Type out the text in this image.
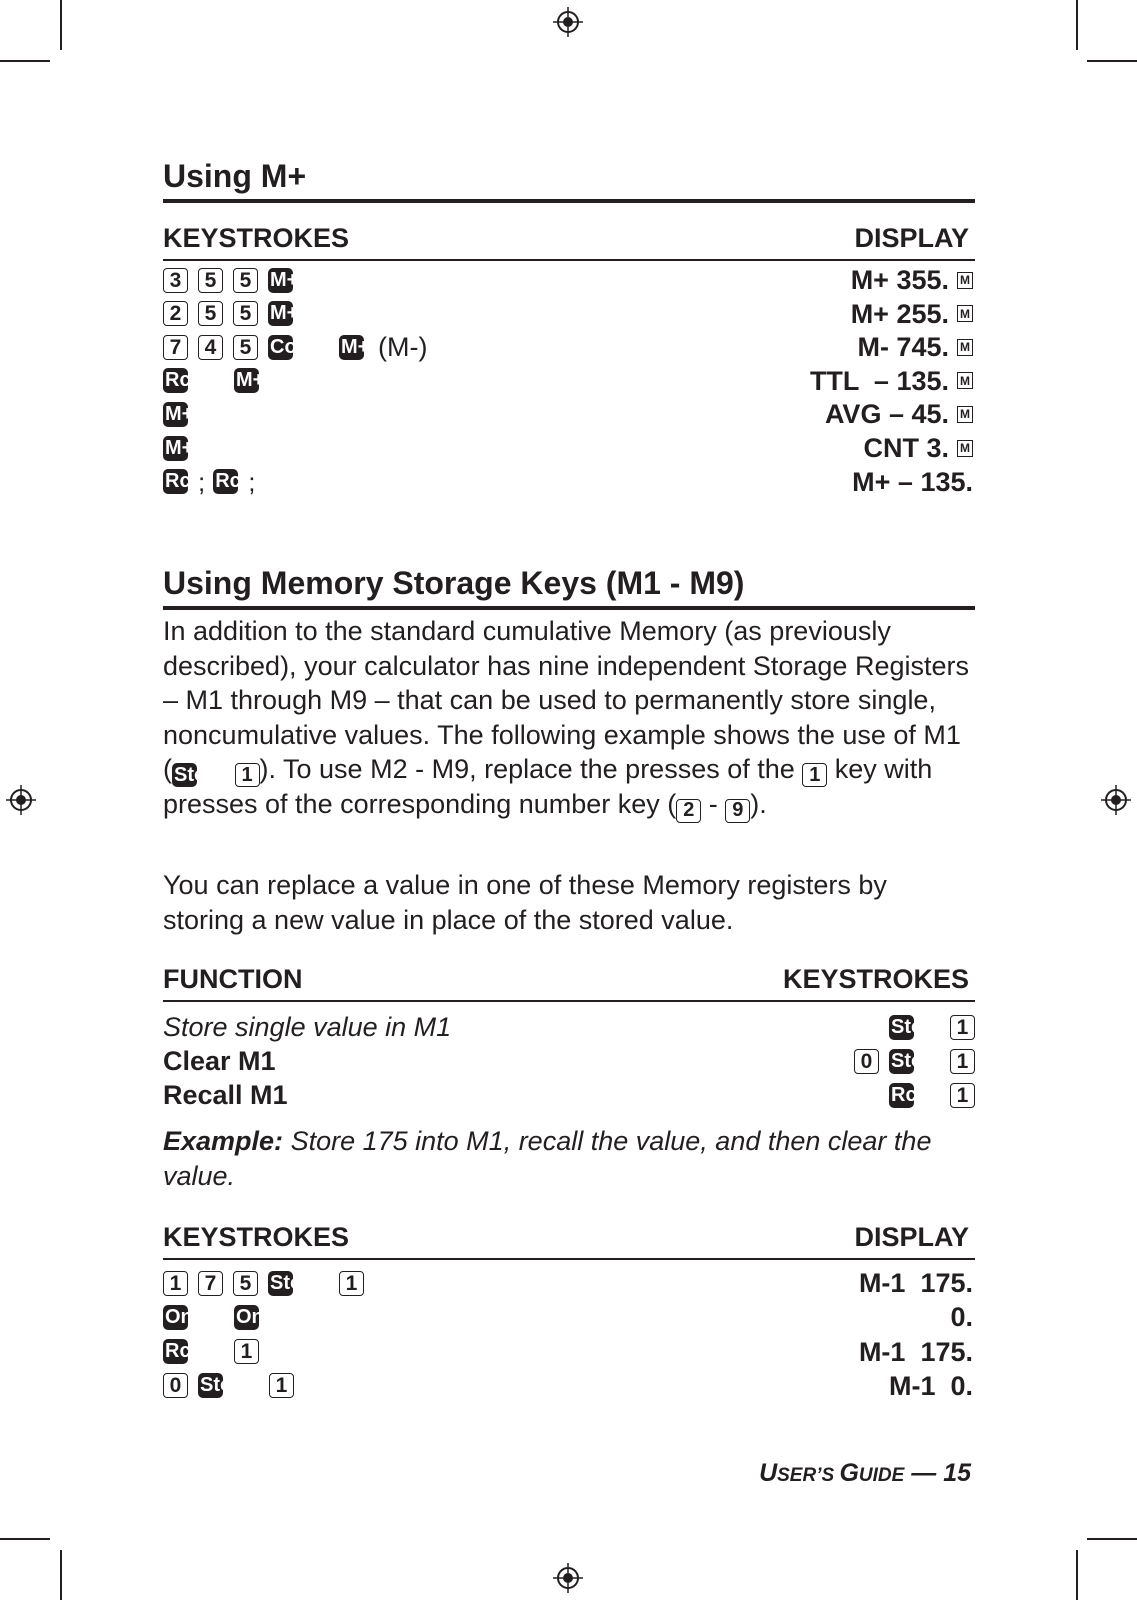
Using M+
KEYSTROKES	DISPLAY
3	5	5 M+	M+ 355. M
2	5	5 M+	M+ 255. M
7	4	5 Conv M+ (M-)	M- 745. M
Rcl M+	TTL  – 135. M
M+	AVG – 45. M
M+	CNT 3. M
Rcl ; Rcl ;	M+ – 135.
Using Memory Storage Keys (M1 - M9)
In addition to the standard cumulative Memory (as previously described), your calculator has nine independent Storage Registers – M1 through M9 – that can be used to permanently store single, noncumulative values. The following example shows the use of M1 ( Stor 1 ). To use M2 - M9, replace the presses of the 1 key with presses of the corresponding number key ( 2 - 9 ).
You can replace a value in one of these Memory registers by storing a new value in place of the stored value.
FUNCTION	KEYSTROKES
Store single value in M1	Stor	1
Clear M1	0 Stor	1
Recall M1	Rcl	1
Example: Store 175 into M1, recall the value, and then clear the value.
KEYSTROKES	DISPLAY
1	7	5 Stor	1	M-1  175.
On/C On/C	0.
Rcl	1	M-1  175.
0 Stor	1	M-1  0.
USER’S GUIDE — 15
